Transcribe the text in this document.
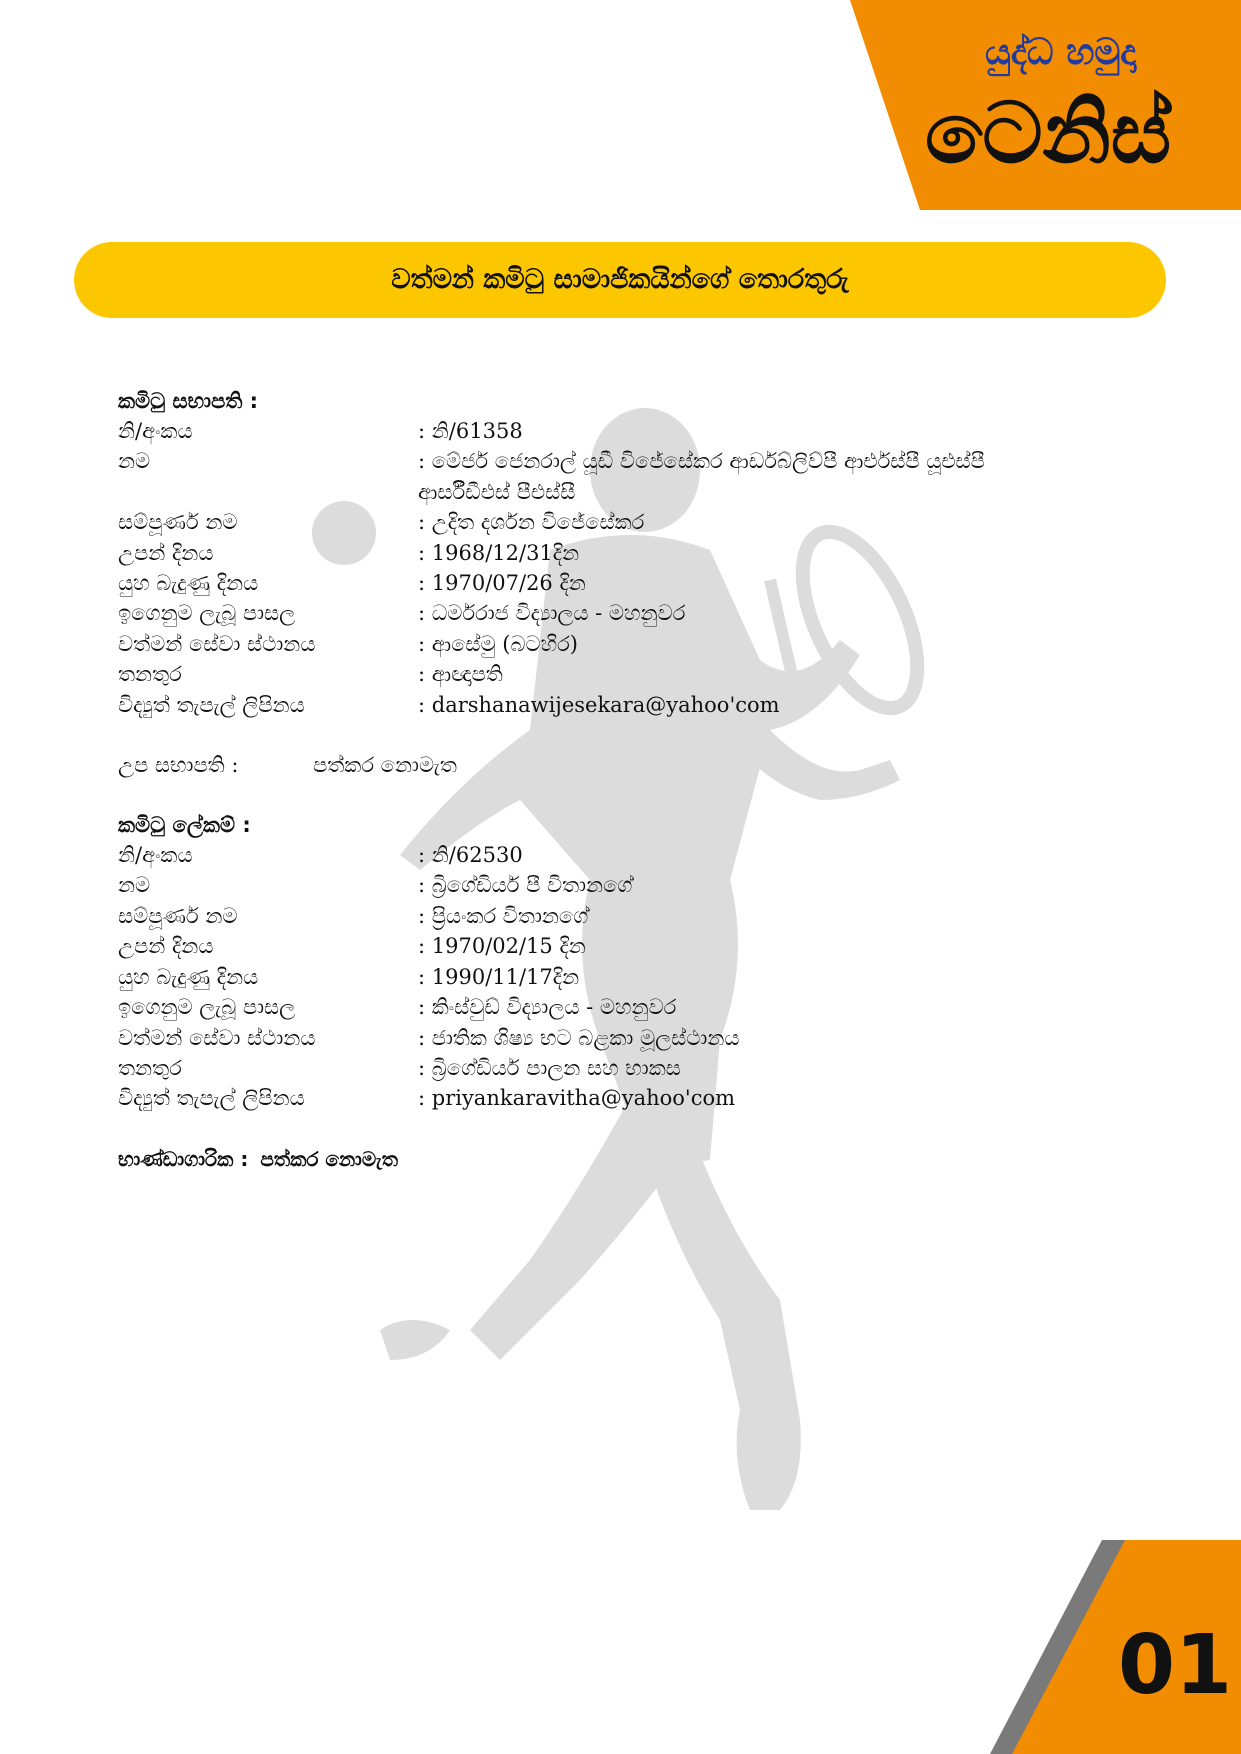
යුද්ධ හමුදා
ටෙනිස්
වත්මන් කමිටු සාමාජිකයින්ගේ තොරතුරු
කමිටු සභාපති :
නි/අංකය	: නි/61358
නම	: මේජර් ජෙනරාල් යූඩී විජේසේකර ආර්ඩබ්ලිව්පී ආර්එස්පී යූඑස්පී ආර්සීඩීඑස් පීඑස්සී
සම්පූර්ණ නම	: උදිත දර්ශන විජේසේකර
උපන් දිනය	: 1968/12/31දින
යුහ බැදුණු දිනය	: 1970/07/26 දින
ඉගෙනුම ලැබූ පාසල	: ධර්මරාජ විද්‍යාලය - මහනුවර
වත්මන් සේවා ස්ථානය	: ආසේමු (බටහිර)
තනතුර	: ආඥාපති
විද්‍යුත් තැපැල් ලිපිනය	: darshanawijesekara@yahoo'com
උප සභාපති :	පත්කර නොමැත
කමිටු ලේකම් :
නි/අංකය	: නි/62530
නම	: බ්‍රිගේඩියර් පී විතානගේ
සම්පූර්ණ නම	: ප්‍රියංකර විතානගේ
උපන් දිනය	: 1970/02/15 දින
යුහ බැදුණු දිනය	: 1990/11/17දින
ඉගෙනුම ලැබූ පාසල	: කිංස්වුඩ් විද්‍යාලය - මහනුවර
වත්මන් සේවා ස්ථානය	: ජාතික ශිෂ්‍ය භට බළකා මූලස්ථානය
තනතුර	: බ්‍රිගේඩියර් පාලන සහ භාකස
විද්‍යුත් තැපැල් ලිපිනය	: priyankaravitha@yahoo'com
භාණ්ඩාගාරික : පත්කර නොමැත
01
